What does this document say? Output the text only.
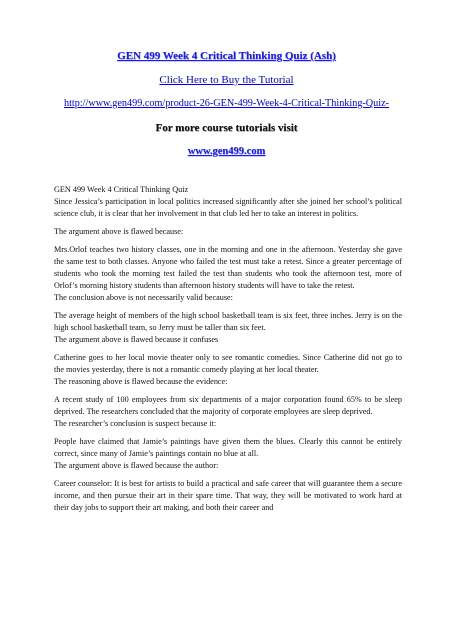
GEN 499 Week 4 Critical Thinking Quiz (Ash)
Click Here to Buy the Tutorial
http://www.gen499.com/product-26-GEN-499-Week-4-Critical-Thinking-Quiz-
For more course tutorials visit
www.gen499.com

GEN 499 Week 4 Critical Thinking Quiz

Since Jessica’s participation in local politics increased significantly after she joined her school’s political science club, it is clear that her involvement in that club led her to take an interest in politics.

The argument above is flawed because:

Mrs.Orlof teaches two history classes, one in the morning and one in the afternoon. Yesterday she gave the same test to both classes. Anyone who failed the test must take a retest. Since a greater percentage of students who took the morning test failed the test than students who took the afternoon test, more of Orlof’s morning history students than afternoon history students will have to take the retest.

The conclusion above is not necessarily valid because:

The average height of members of the high school basketball team is six feet, three inches. Jerry is on the high school basketball team, so Jerry must be taller than six feet.

The argument above is flawed because it confuses

Catherine goes to her local movie theater only to see romantic comedies. Since Catherine did not go to the movies yesterday, there is not a romantic comedy playing at her local theater.

The reasoning above is flawed because the evidence:

A recent study of 100 employees from six departments of a major corporation found 65% to be sleep deprived. The researchers concluded that the majority of corporate employees are sleep deprived.

The researcher’s conclusion is suspect because it:

People have claimed that Jamie’s paintings have given them the blues. Clearly this cannot be entirely correct, since many of Jamie’s paintings contain no blue at all.

The argument above is flawed because the author:

Career counselor: It is best for artists to build a practical and safe career that will guarantee them a secure income, and then pursue their art in their spare time. That way, they will be motivated to work hard at their day jobs to support their art making, and both their career and
